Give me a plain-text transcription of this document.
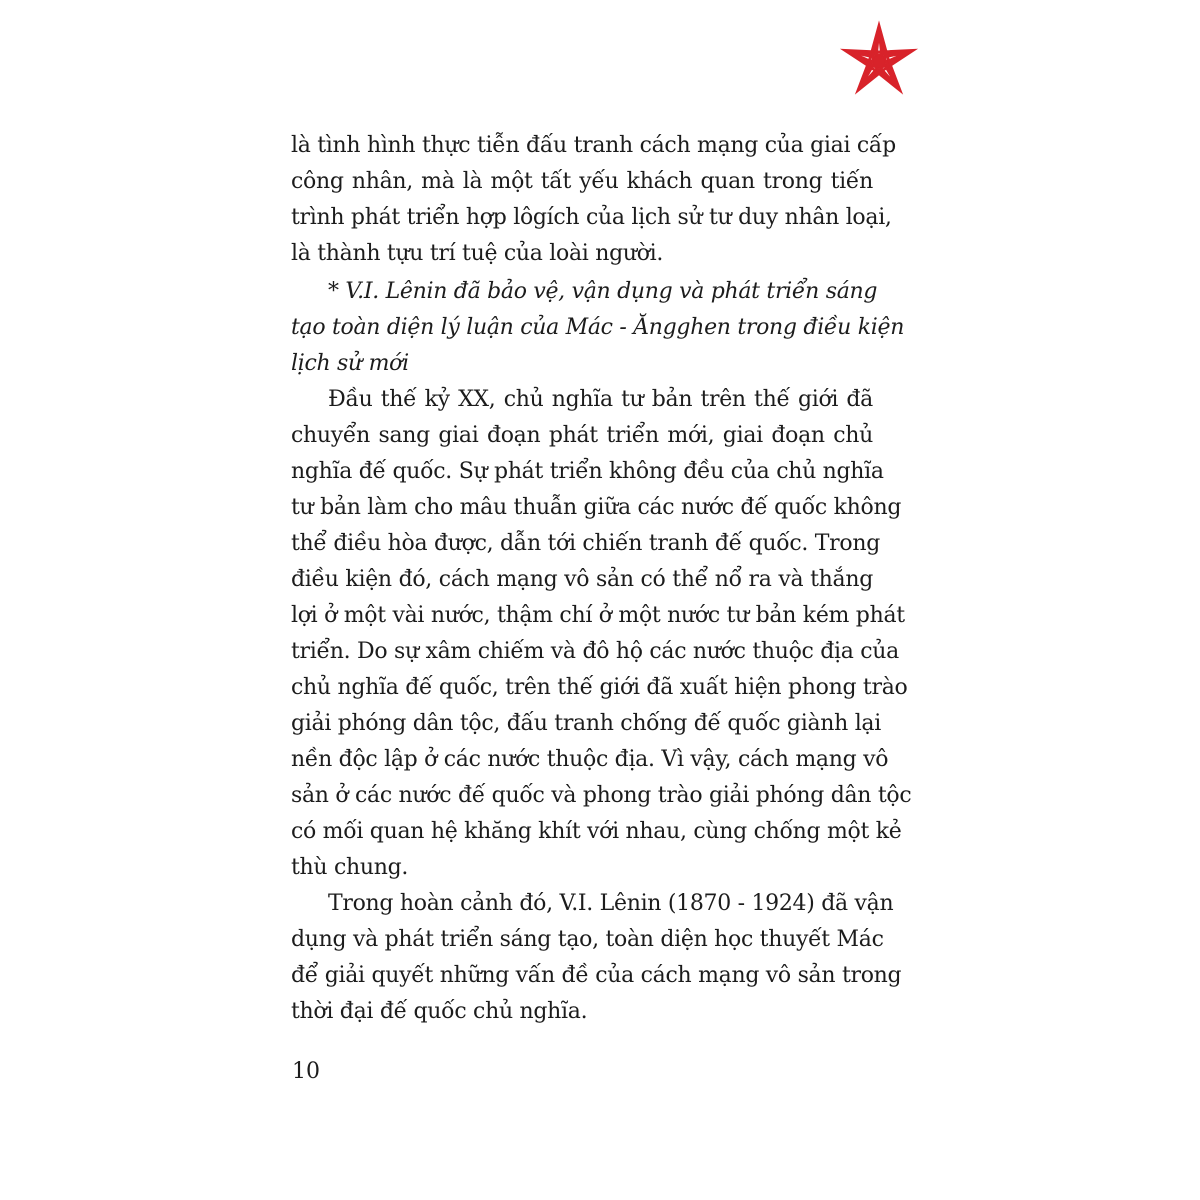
là tình hình thực tiễn đấu tranh cách mạng của giai cấp
công nhân, mà là một tất yếu khách quan trong tiến
trình phát triển hợp lôgích của lịch sử tư duy nhân loại,
là thành tựu trí tuệ của loài người.
* V.I. Lênin đã bảo vệ, vận dụng và phát triển sáng
tạo toàn diện lý luận của Mác - Ăngghen trong điều kiện
lịch sử mới
Đầu thế kỷ XX, chủ nghĩa tư bản trên thế giới đã
chuyển sang giai đoạn phát triển mới, giai đoạn chủ
nghĩa đế quốc. Sự phát triển không đều của chủ nghĩa
tư bản làm cho mâu thuẫn giữa các nước đế quốc không
thể điều hòa được, dẫn tới chiến tranh đế quốc. Trong
điều kiện đó, cách mạng vô sản có thể nổ ra và thắng
lợi ở một vài nước, thậm chí ở một nước tư bản kém phát
triển. Do sự xâm chiếm và đô hộ các nước thuộc địa của
chủ nghĩa đế quốc, trên thế giới đã xuất hiện phong trào
giải phóng dân tộc, đấu tranh chống đế quốc giành lại
nền độc lập ở các nước thuộc địa. Vì vậy, cách mạng vô
sản ở các nước đế quốc và phong trào giải phóng dân tộc
có mối quan hệ khăng khít với nhau, cùng chống một kẻ
thù chung.
Trong hoàn cảnh đó, V.I. Lênin (1870 - 1924) đã vận
dụng và phát triển sáng tạo, toàn diện học thuyết Mác
để giải quyết những vấn đề của cách mạng vô sản trong
thời đại đế quốc chủ nghĩa.
10
